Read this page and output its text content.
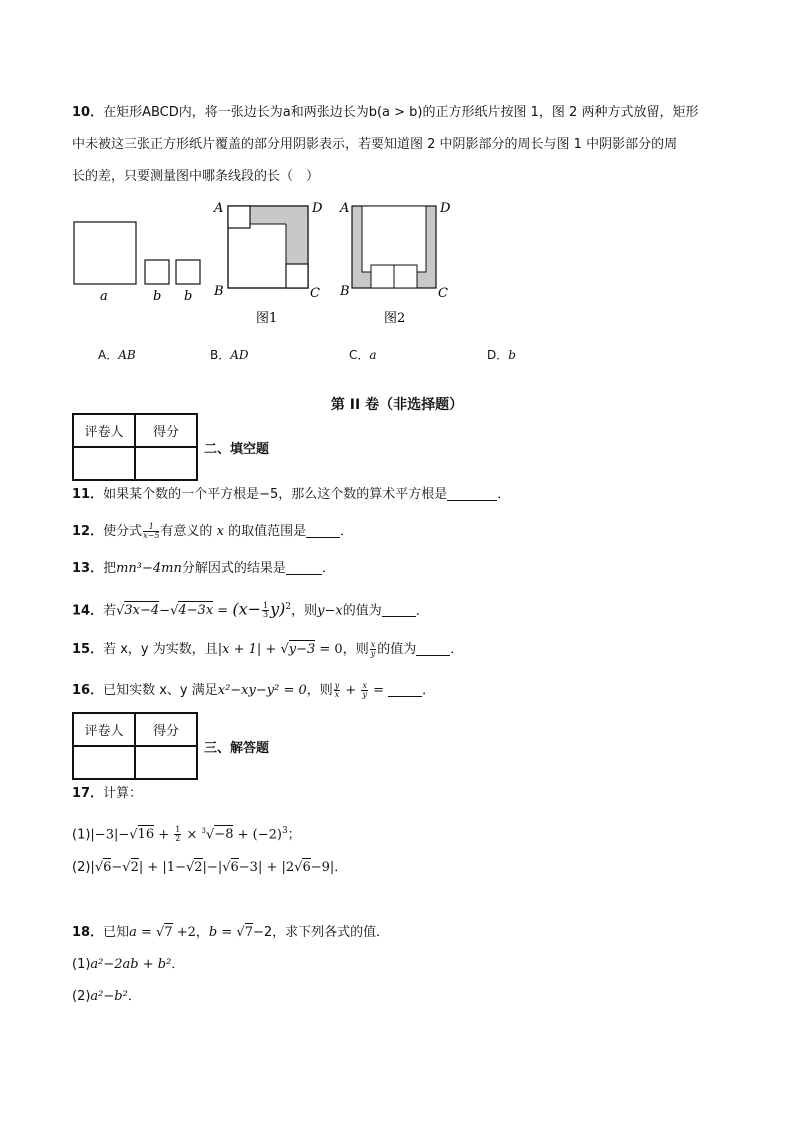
10．在矩形ABCD内，将一张边长为a和两张边长为b(a > b)的正方形纸片按图 1，图 2 两种方式放留，矩形
中未被这三张正方形纸片覆盖的部分用阴影表示，若要知道图 2 中阴影部分的周长与图 1 中阴影部分的周
长的差，只要测量图中哪条线段的长（　）
a	b b
A	D
B	C
图1
A	D
B	C
图2
A．AB	B．AD	C．a	D．b
第 II 卷（非选择题）
评卷人	得分

二、填空题
11．如果某个数的一个平方根是−5，那么这个数的算术平方根是	．
12．使分式 $\frac{1}{x-5}$ 有意义的 x 的取值范围是	．
13．把mn³−4mn分解因式的结果是	．
14．若$√3x-4-√4-3x = (x- \frac{1}{3} y)^2$，则y−x的值为	．
15．若 x，y 为实数，且|x + 1| + √y−3 = 0，则 $\frac{x}{y}$ 的值为	．
16．已知实数 x、y 满足x²−xy−y² = 0，则 $\frac{y}{x} + \frac{x}{y}$ =	．
评卷人	得分

三、解答题
17．计算：
$(1)|-3|-√16 + \frac{1}{2} \times ^3√-8 + (-2)^3$；
(2)|√6−√2| + |1−√2|−|√6−3| + |2√6−9|．
18．已知a = √7 +2，b = √7−2，求下列各式的值．
(1)a²−2ab + b²．
(2)a²−b²．
